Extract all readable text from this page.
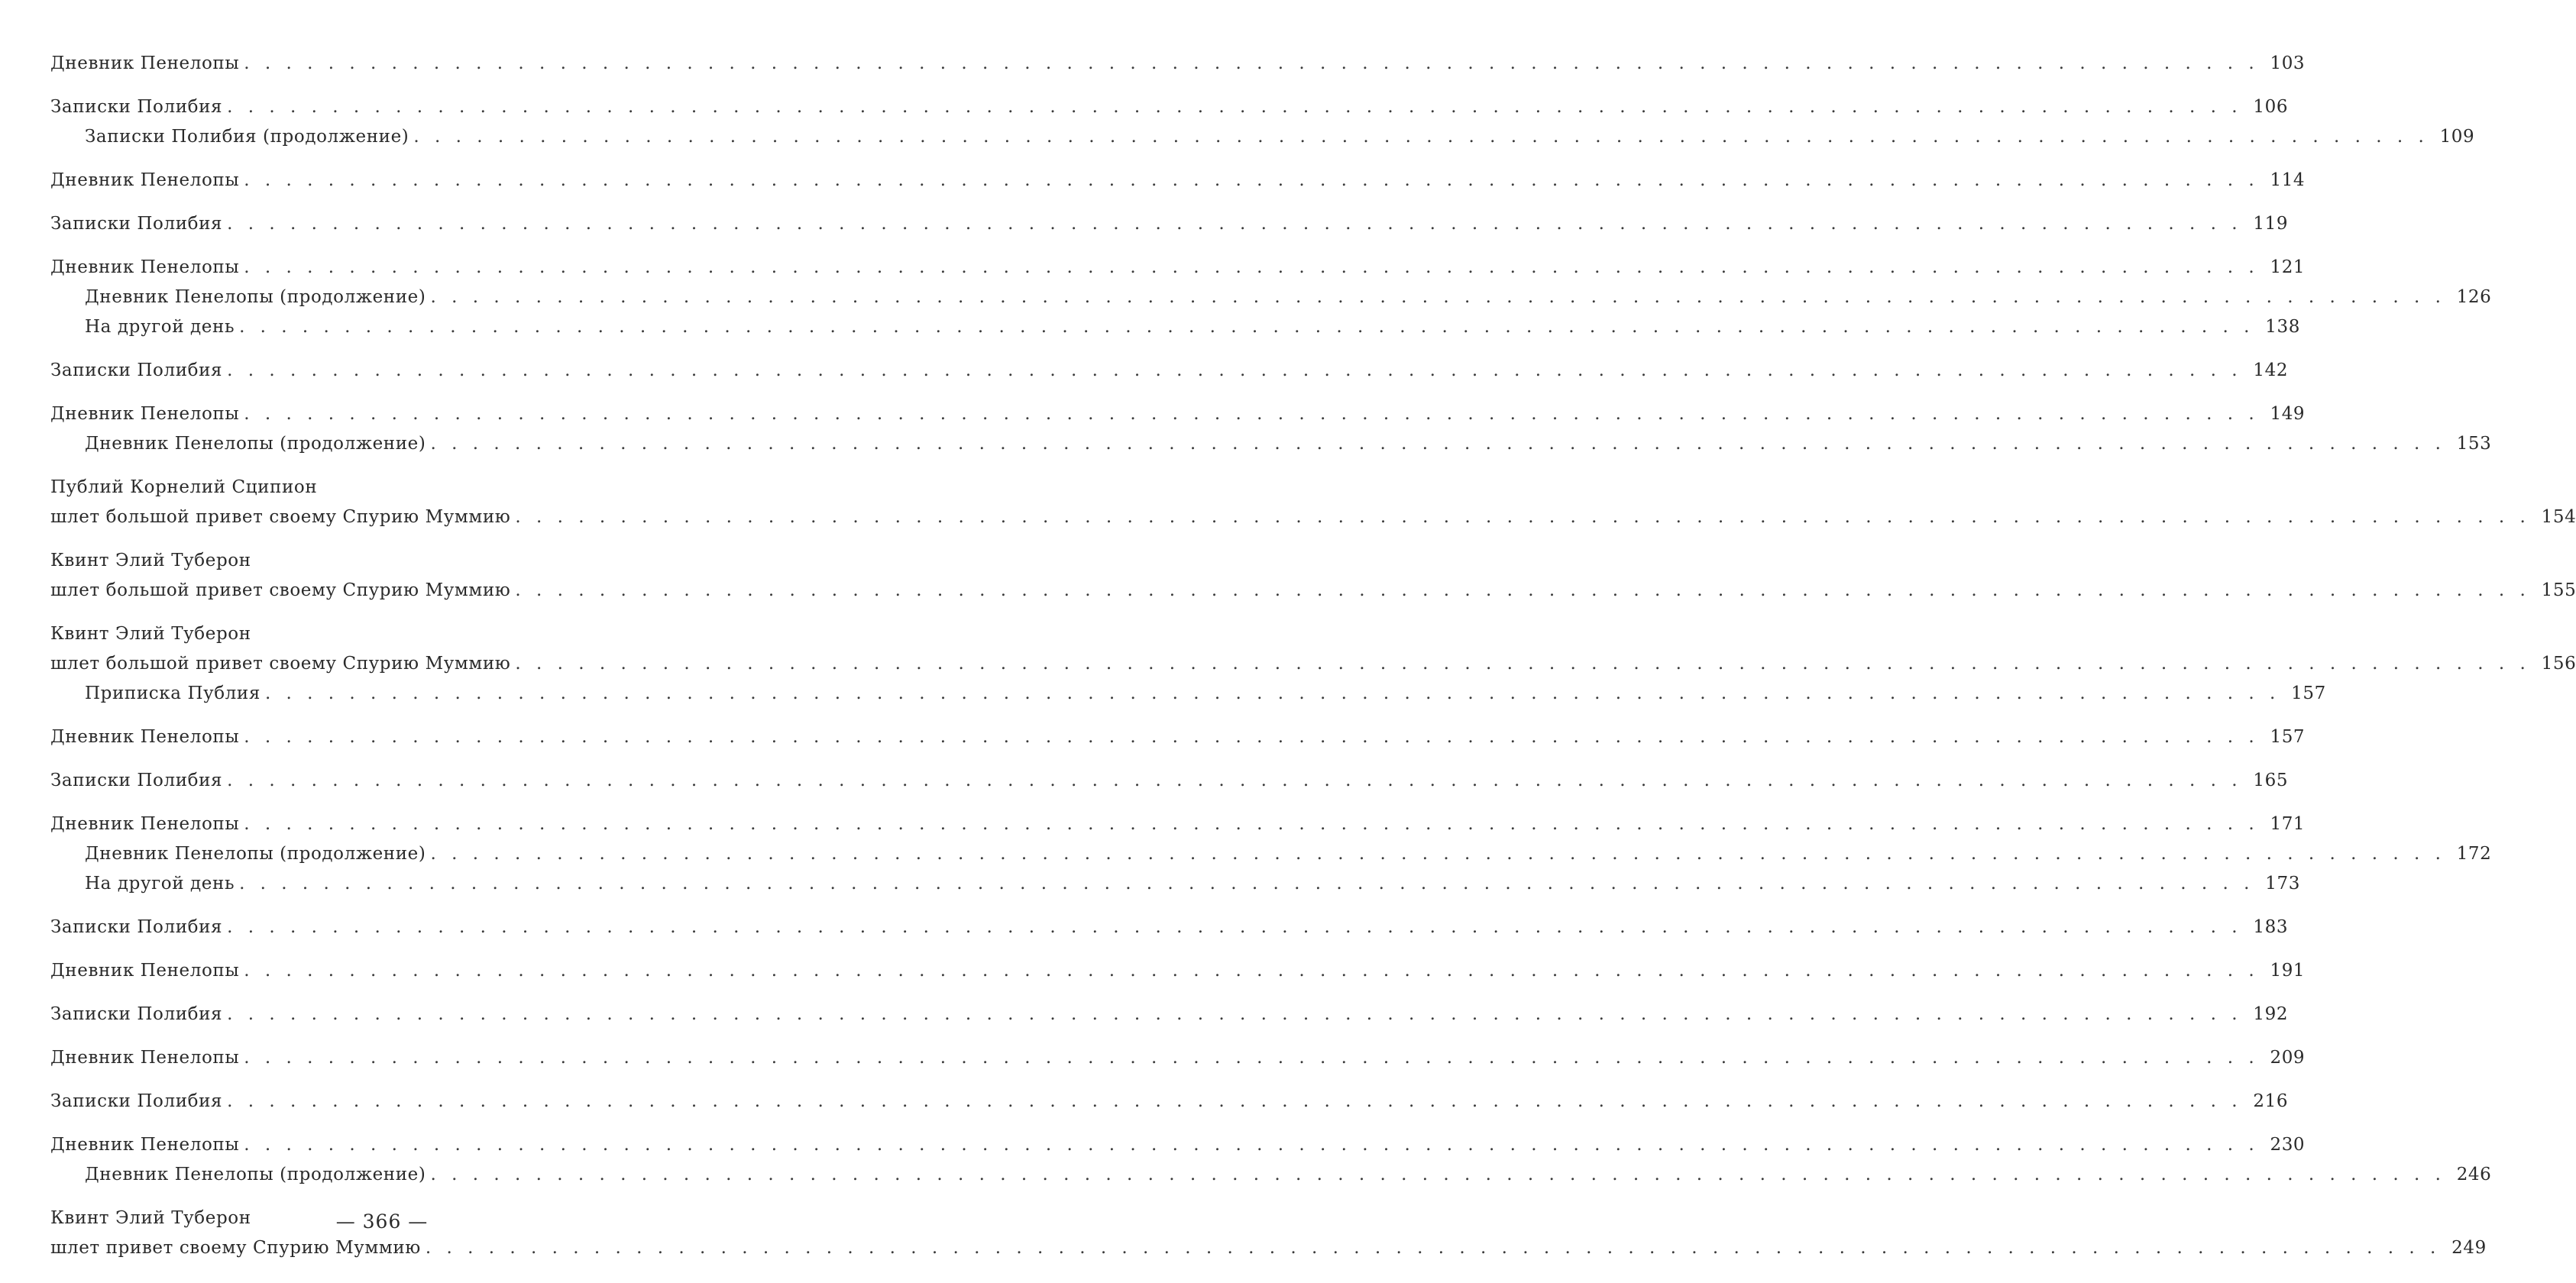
Дневник Пенелопы . . .	103
Записки Полибия . . .	106
Записки Полибия (продолжение) . . .	109
Дневник Пенелопы . . .	114
Записки Полибия . . .	119
Дневник Пенелопы . . .	121
Дневник Пенелопы (продолжение) . . .	126
На другой день . . .	138
Записки Полибия . . .	142
Дневник Пенелопы . . .	149
Дневник Пенелопы (продолжение) . . .	153
Публий Корнелий Сципион
шлет большой привет своему Спурию Муммию . . .	154
Квинт Элий Туберон
шлет большой привет своему Спурию Муммию . . .	155
Квинт Элий Туберон
шлет большой привет своему Спурию Муммию . . .	156
Приписка Публия . . .	157
Дневник Пенелопы . . .	157
Записки Полибия . . .	165
Дневник Пенелопы . . .	171
Дневник Пенелопы (продолжение) . . .	172
На другой день . . .	173
Записки Полибия . . .	183
Дневник Пенелопы . . .	191
Записки Полибия . . .	192
Дневник Пенелопы . . .	209
Записки Полибия . . .	216
Дневник Пенелопы . . .	230
Дневник Пенелопы (продолжение) . . .	246
Квинт Элий Туберон
шлет привет своему Спурию Муммию . . .	249
— 366 —
